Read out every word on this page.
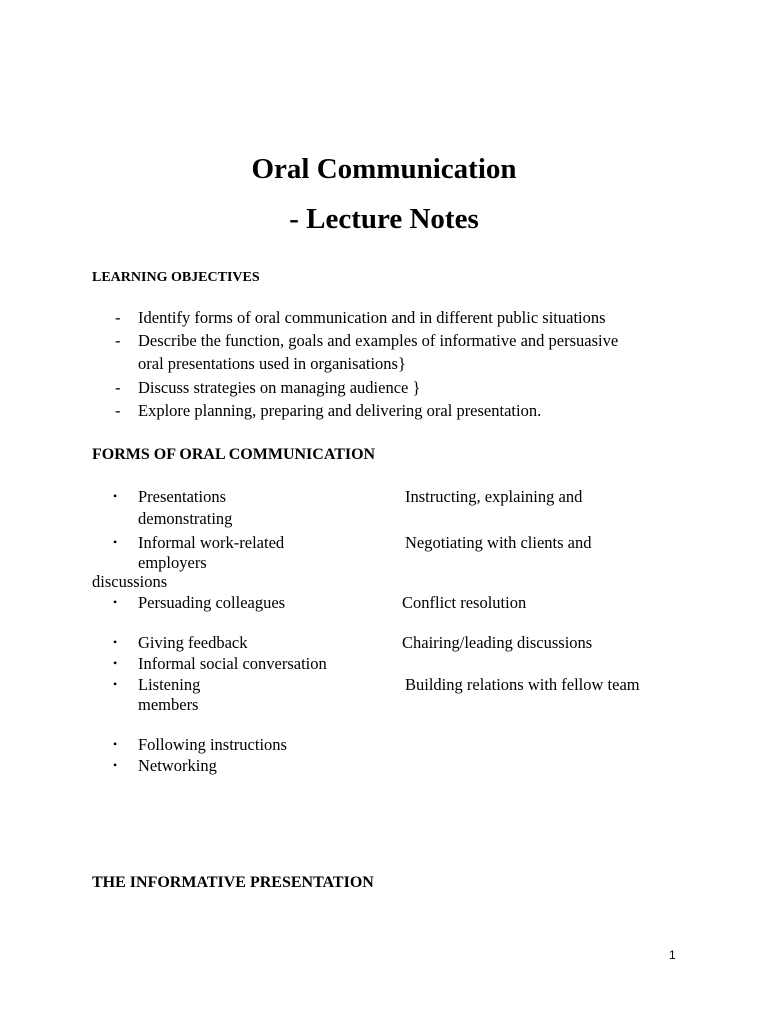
Oral Communication
- Lecture Notes
LEARNING OBJECTIVES
- Identify forms of oral communication and in different public situations
- Describe the function, goals and examples of informative and persuasive
oral presentations used in organisations}
- Discuss strategies on managing audience }
- Explore planning, preparing and delivering oral presentation.
FORMS OF ORAL COMMUNICATION
• Presentations	Instructing, explaining and
demonstrating
• Informal work-related	Negotiating with clients and
employers
discussions
• Persuading colleagues	Conflict resolution
• Giving feedback	Chairing/leading discussions
• Informal social conversation
• Listening	Building relations with fellow team
members
• Following instructions
• Networking
THE INFORMATIVE PRESENTATION
1
